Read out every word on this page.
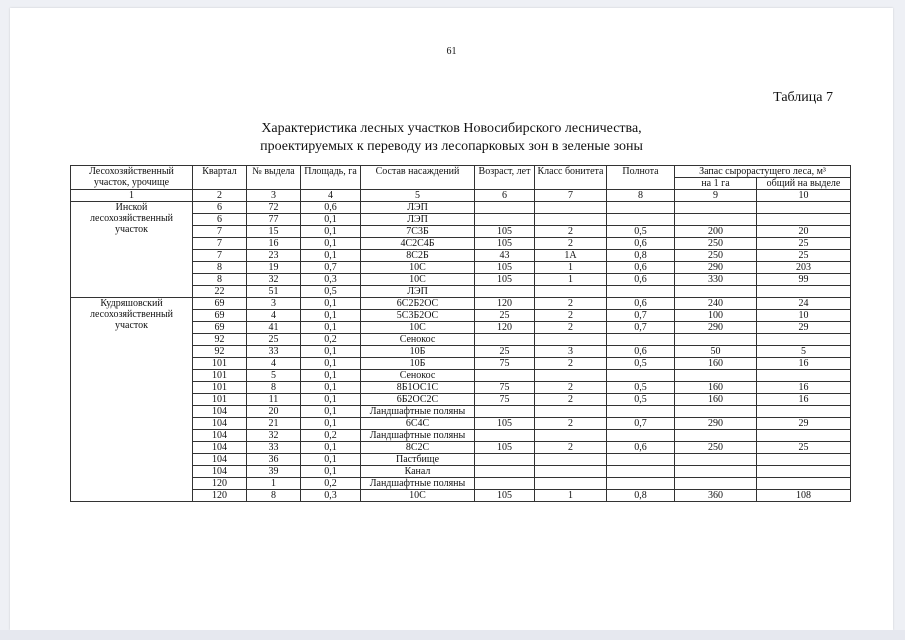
61
Таблица 7
Характеристика лесных участков Новосибирского лесничества,
проектируемых к переводу из лесопарковых зон в зеленые зоны
Лесохозяйственный участок, урочище	Квартал	№ выдела	Площадь, га	Состав насаждений	Возраст, лет	Класс бонитета	Полнота	Запас сырорастущего леса, м³	
								на 1 га	общий на выделе
1	2	3	4	5	6	7	8	9	10
Инской лесохозяйственный участок	6	72	0,6	ЛЭП					
	6	77	0,1	ЛЭП					
	7	15	0,1	7С3Б	105	2	0,5	200	20
	7	16	0,1	4С2С4Б	105	2	0,6	250	25
	7	23	0,1	8С2Б	43	1А	0,8	250	25
	8	19	0,7	10С	105	1	0,6	290	203
	8	32	0,3	10С	105	1	0,6	330	99
	22	51	0,5	ЛЭП					
Кудряшовский лесохозяйственный участок	69	3	0,1	6С2Б2ОС	120	2	0,6	240	24
	69	4	0,1	5С3Б2ОС	25	2	0,7	100	10
	69	41	0,1	10С	120	2	0,7	290	29
	92	25	0,2	Сенокос					
	92	33	0,1	10Б	25	3	0,6	50	5
	101	4	0,1	10Б	75	2	0,5	160	16
	101	5	0,1	Сенокос					
	101	8	0,1	8Б1ОС1С	75	2	0,5	160	16
	101	11	0,1	6Б2ОС2С	75	2	0,5	160	16
	104	20	0,1	Ландшафтные поляны					
	104	21	0,1	6С4С	105	2	0,7	290	29
	104	32	0,2	Ландшафтные поляны					
	104	33	0,1	8С2С	105	2	0,6	250	25
	104	36	0,1	Пастбище					
	104	39	0,1	Канал					
	120	1	0,2	Ландшафтные поляны					
	120	8	0,3	10С	105	1	0,8	360	108
